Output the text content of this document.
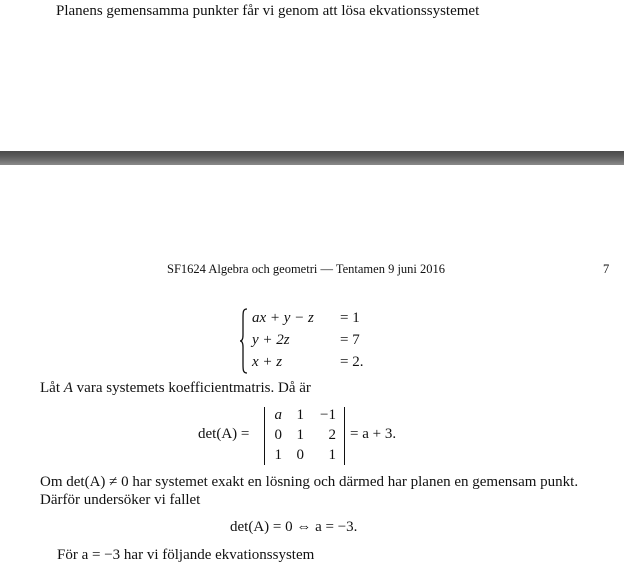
Planens gemensamma punkter får vi genom att lösa ekvationssystemet
SF1624 Algebra och geometri — Tentamen 9 juni 2016	7
ax + y − z = 1
y + 2z	= 7
x + z	= 2.
Låt A vara systemets koefficientmatris. Då är
det(A) =
a 1 −1
0 1	2
1 0	1
= a + 3.
Om det(A) ≠ 0 har systemet exakt en lösning och därmed har planen en gemensam punkt.
Därför undersöker vi fallet
det(A) = 0 ⇔ a = −3.
För a = −3 har vi följande ekvationssystem
